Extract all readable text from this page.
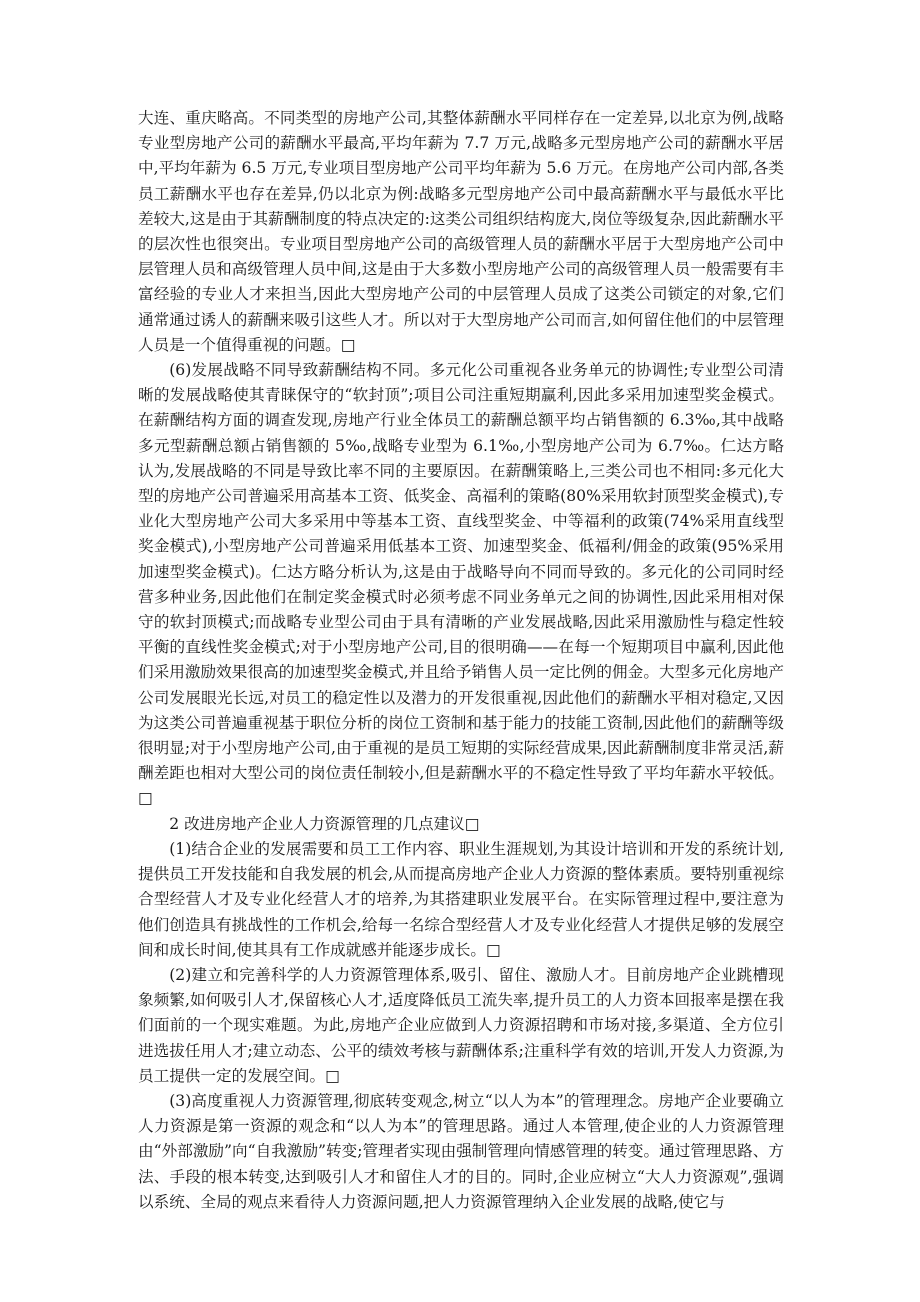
大连、重庆略高。不同类型的房地产公司,其整体薪酬水平同样存在一定差异,以北京为例,战略专业型房地产公司的薪酬水平最高,平均年薪为 7.7 万元,战略多元型房地产公司的薪酬水平居中,平均年薪为 6.5 万元,专业项目型房地产公司平均年薪为 5.6 万元。在房地产公司内部,各类员工薪酬水平也存在差异,仍以北京为例:战略多元型房地产公司中最高薪酬水平与最低水平比差较大,这是由于其薪酬制度的特点决定的:这类公司组织结构庞大,岗位等级复杂,因此薪酬水平的层次性也很突出。专业项目型房地产公司的高级管理人员的薪酬水平居于大型房地产公司中层管理人员和高级管理人员中间,这是由于大多数小型房地产公司的高级管理人员一般需要有丰富经验的专业人才来担当,因此大型房地产公司的中层管理人员成了这类公司锁定的对象,它们通常通过诱人的薪酬来吸引这些人才。所以对于大型房地产公司而言,如何留住他们的中层管理人员是一个值得重视的问题。□

(6)发展战略不同导致薪酬结构不同。多元化公司重视各业务单元的协调性;专业型公司清晰的发展战略使其青睐保守的“软封顶”;项目公司注重短期赢利,因此多采用加速型奖金模式。在薪酬结构方面的调查发现,房地产行业全体员工的薪酬总额平均占销售额的 6.3‰,其中战略多元型薪酬总额占销售额的 5‰,战略专业型为 6.1‰,小型房地产公司为 6.7‰。仁达方略认为,发展战略的不同是导致比率不同的主要原因。在薪酬策略上,三类公司也不相同:多元化大型的房地产公司普遍采用高基本工资、低奖金、高福利的策略(80%采用软封顶型奖金模式),专业化大型房地产公司大多采用中等基本工资、直线型奖金、中等福利的政策(74%采用直线型奖金模式),小型房地产公司普遍采用低基本工资、加速型奖金、低福利/佣金的政策(95%采用加速型奖金模式)。仁达方略分析认为,这是由于战略导向不同而导致的。多元化的公司同时经营多种业务,因此他们在制定奖金模式时必须考虑不同业务单元之间的协调性,因此采用相对保守的软封顶模式;而战略专业型公司由于具有清晰的产业发展战略,因此采用激励性与稳定性较平衡的直线性奖金模式;对于小型房地产公司,目的很明确——在每一个短期项目中赢利,因此他们采用激励效果很高的加速型奖金模式,并且给予销售人员一定比例的佣金。大型多元化房地产公司发展眼光长远,对员工的稳定性以及潜力的开发很重视,因此他们的薪酬水平相对稳定,又因为这类公司普遍重视基于职位分析的岗位工资制和基于能力的技能工资制,因此他们的薪酬等级很明显;对于小型房地产公司,由于重视的是员工短期的实际经营成果,因此薪酬制度非常灵活,薪酬差距也相对大型公司的岗位责任制较小,但是薪酬水平的不稳定性导致了平均年薪水平较低。□

2 改进房地产企业人力资源管理的几点建议□

(1)结合企业的发展需要和员工工作内容、职业生涯规划,为其设计培训和开发的系统计划,提供员工开发技能和自我发展的机会,从而提高房地产企业人力资源的整体素质。要特别重视综合型经营人才及专业化经营人才的培养,为其搭建职业发展平台。在实际管理过程中,要注意为他们创造具有挑战性的工作机会,给每一名综合型经营人才及专业化经营人才提供足够的发展空间和成长时间,使其具有工作成就感并能逐步成长。□

(2)建立和完善科学的人力资源管理体系,吸引、留住、激励人才。目前房地产企业跳槽现象频繁,如何吸引人才,保留核心人才,适度降低员工流失率,提升员工的人力资本回报率是摆在我们面前的一个现实难题。为此,房地产企业应做到人力资源招聘和市场对接,多渠道、全方位引进选拔任用人才;建立动态、公平的绩效考核与薪酬体系;注重科学有效的培训,开发人力资源,为员工提供一定的发展空间。□

(3)高度重视人力资源管理,彻底转变观念,树立“以人为本”的管理理念。房地产企业要确立人力资源是第一资源的观念和“以人为本”的管理思路。通过人本管理,使企业的人力资源管理由“外部激励”向“自我激励”转变;管理者实现由强制管理向情感管理的转变。通过管理思路、方法、手段的根本转变,达到吸引人才和留住人才的目的。同时,企业应树立“大人力资源观”,强调以系统、全局的观点来看待人力资源问题,把人力资源管理纳入企业发展的战略,使它与
